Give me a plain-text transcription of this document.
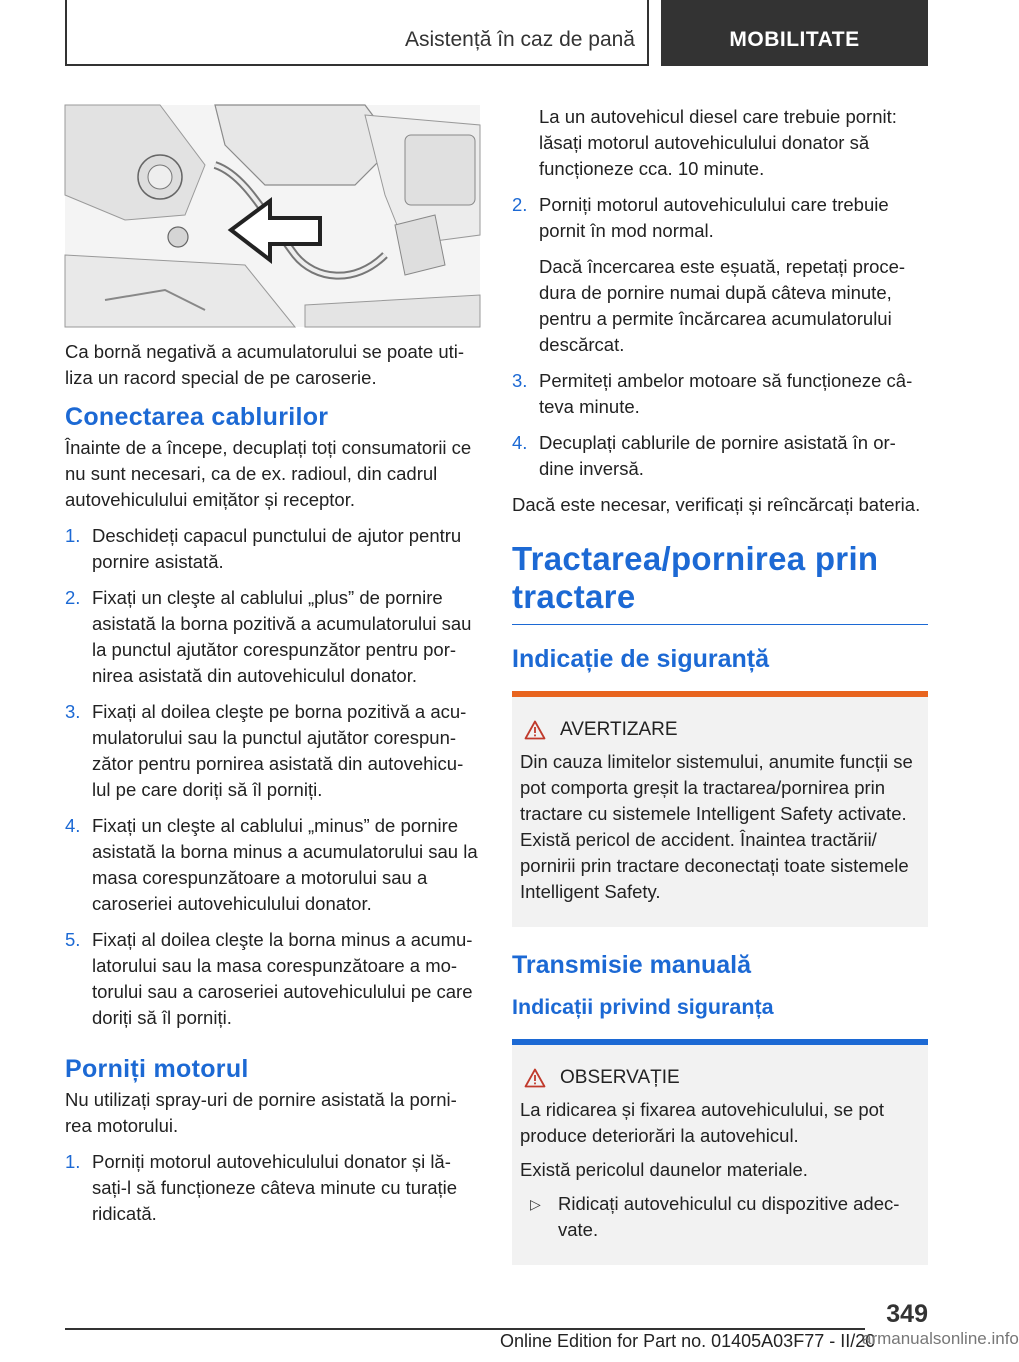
Asistență în caz de pană	MOBILITATE

Ca bornă negativă a acumulatorului se poate uti-liza un racord special de pe caroserie.

Conectarea cablurilor

Înainte de a începe, decuplați toți consumatorii ce nu sunt necesari, ca de ex. radioul, din cadrul autovehiculului emițător și receptor.

1. Deschideți capacul punctului de ajutor pentru pornire asistată.
2. Fixați un cleşte al cablului „plus” de pornire asistată la borna pozitivă a acumulatorului sau la punctul ajutător corespunzător pentru por-nirea asistată din autovehiculul donator.
3. Fixați al doilea cleşte pe borna pozitivă a acu-mulatorului sau la punctul ajutător corespun-zător pentru pornirea asistată din autovehicu-lul pe care doriți să îl porniți.
4. Fixați un cleşte al cablului „minus” de pornire asistată la borna minus a acumulatorului sau la masa corespunzătoare a motorului sau a caroseriei autovehiculului donator.
5. Fixați al doilea cleşte la borna minus a acumu-latorului sau la masa corespunzătoare a mo-torului sau a caroseriei autovehiculului pe care doriți să îl porniți.
Porniți motorul

Nu utilizați spray-uri de pornire asistată la porni-rea motorului.

1. Porniți motorul autovehiculului donator și lă-sați-l să funcționeze câteva minute cu turație ridicată.

La un autovehicul diesel care trebuie pornit: lăsați motorul autovehiculului donator să funcționeze cca. 10 minute.

2. Porniți motorul autovehiculului care trebuie pornit în mod normal.
Dacă încercarea este eșuată, repetați proce-dura de pornire numai după câteva minute, pentru a permite încărcarea acumulatorului descărcat.
3. Permiteți ambelor motoare să funcționeze câ-teva minute.
4. Decuplați cablurile de pornire asistată în or-dine inversă.

Dacă este necesar, verificați și reîncărcați bateria.

Tractarea/pornirea prin tractare
Indicație de siguranță
AVERTIZARE

Din cauza limitelor sistemului, anumite funcții se pot comporta greșit la tractarea/pornirea prin tractare cu sistemele Intelligent Safety activate. Există pericol de accident. Înaintea tractării/ pornirii prin tractare deconectați toate sistemele Intelligent Safety.

Transmisie manuală
Indicații privind siguranța
OBSERVAȚIE

La ridicarea și fixarea autovehiculului, se pot produce deteriorări la autovehicul.

Există pericolul daunelor materiale.

▷ Ridicați autovehiculul cu dispozitive adec-vate.

349
Online Edition for Part no. 01405A03F77 - II/20
armanualsonline.info
